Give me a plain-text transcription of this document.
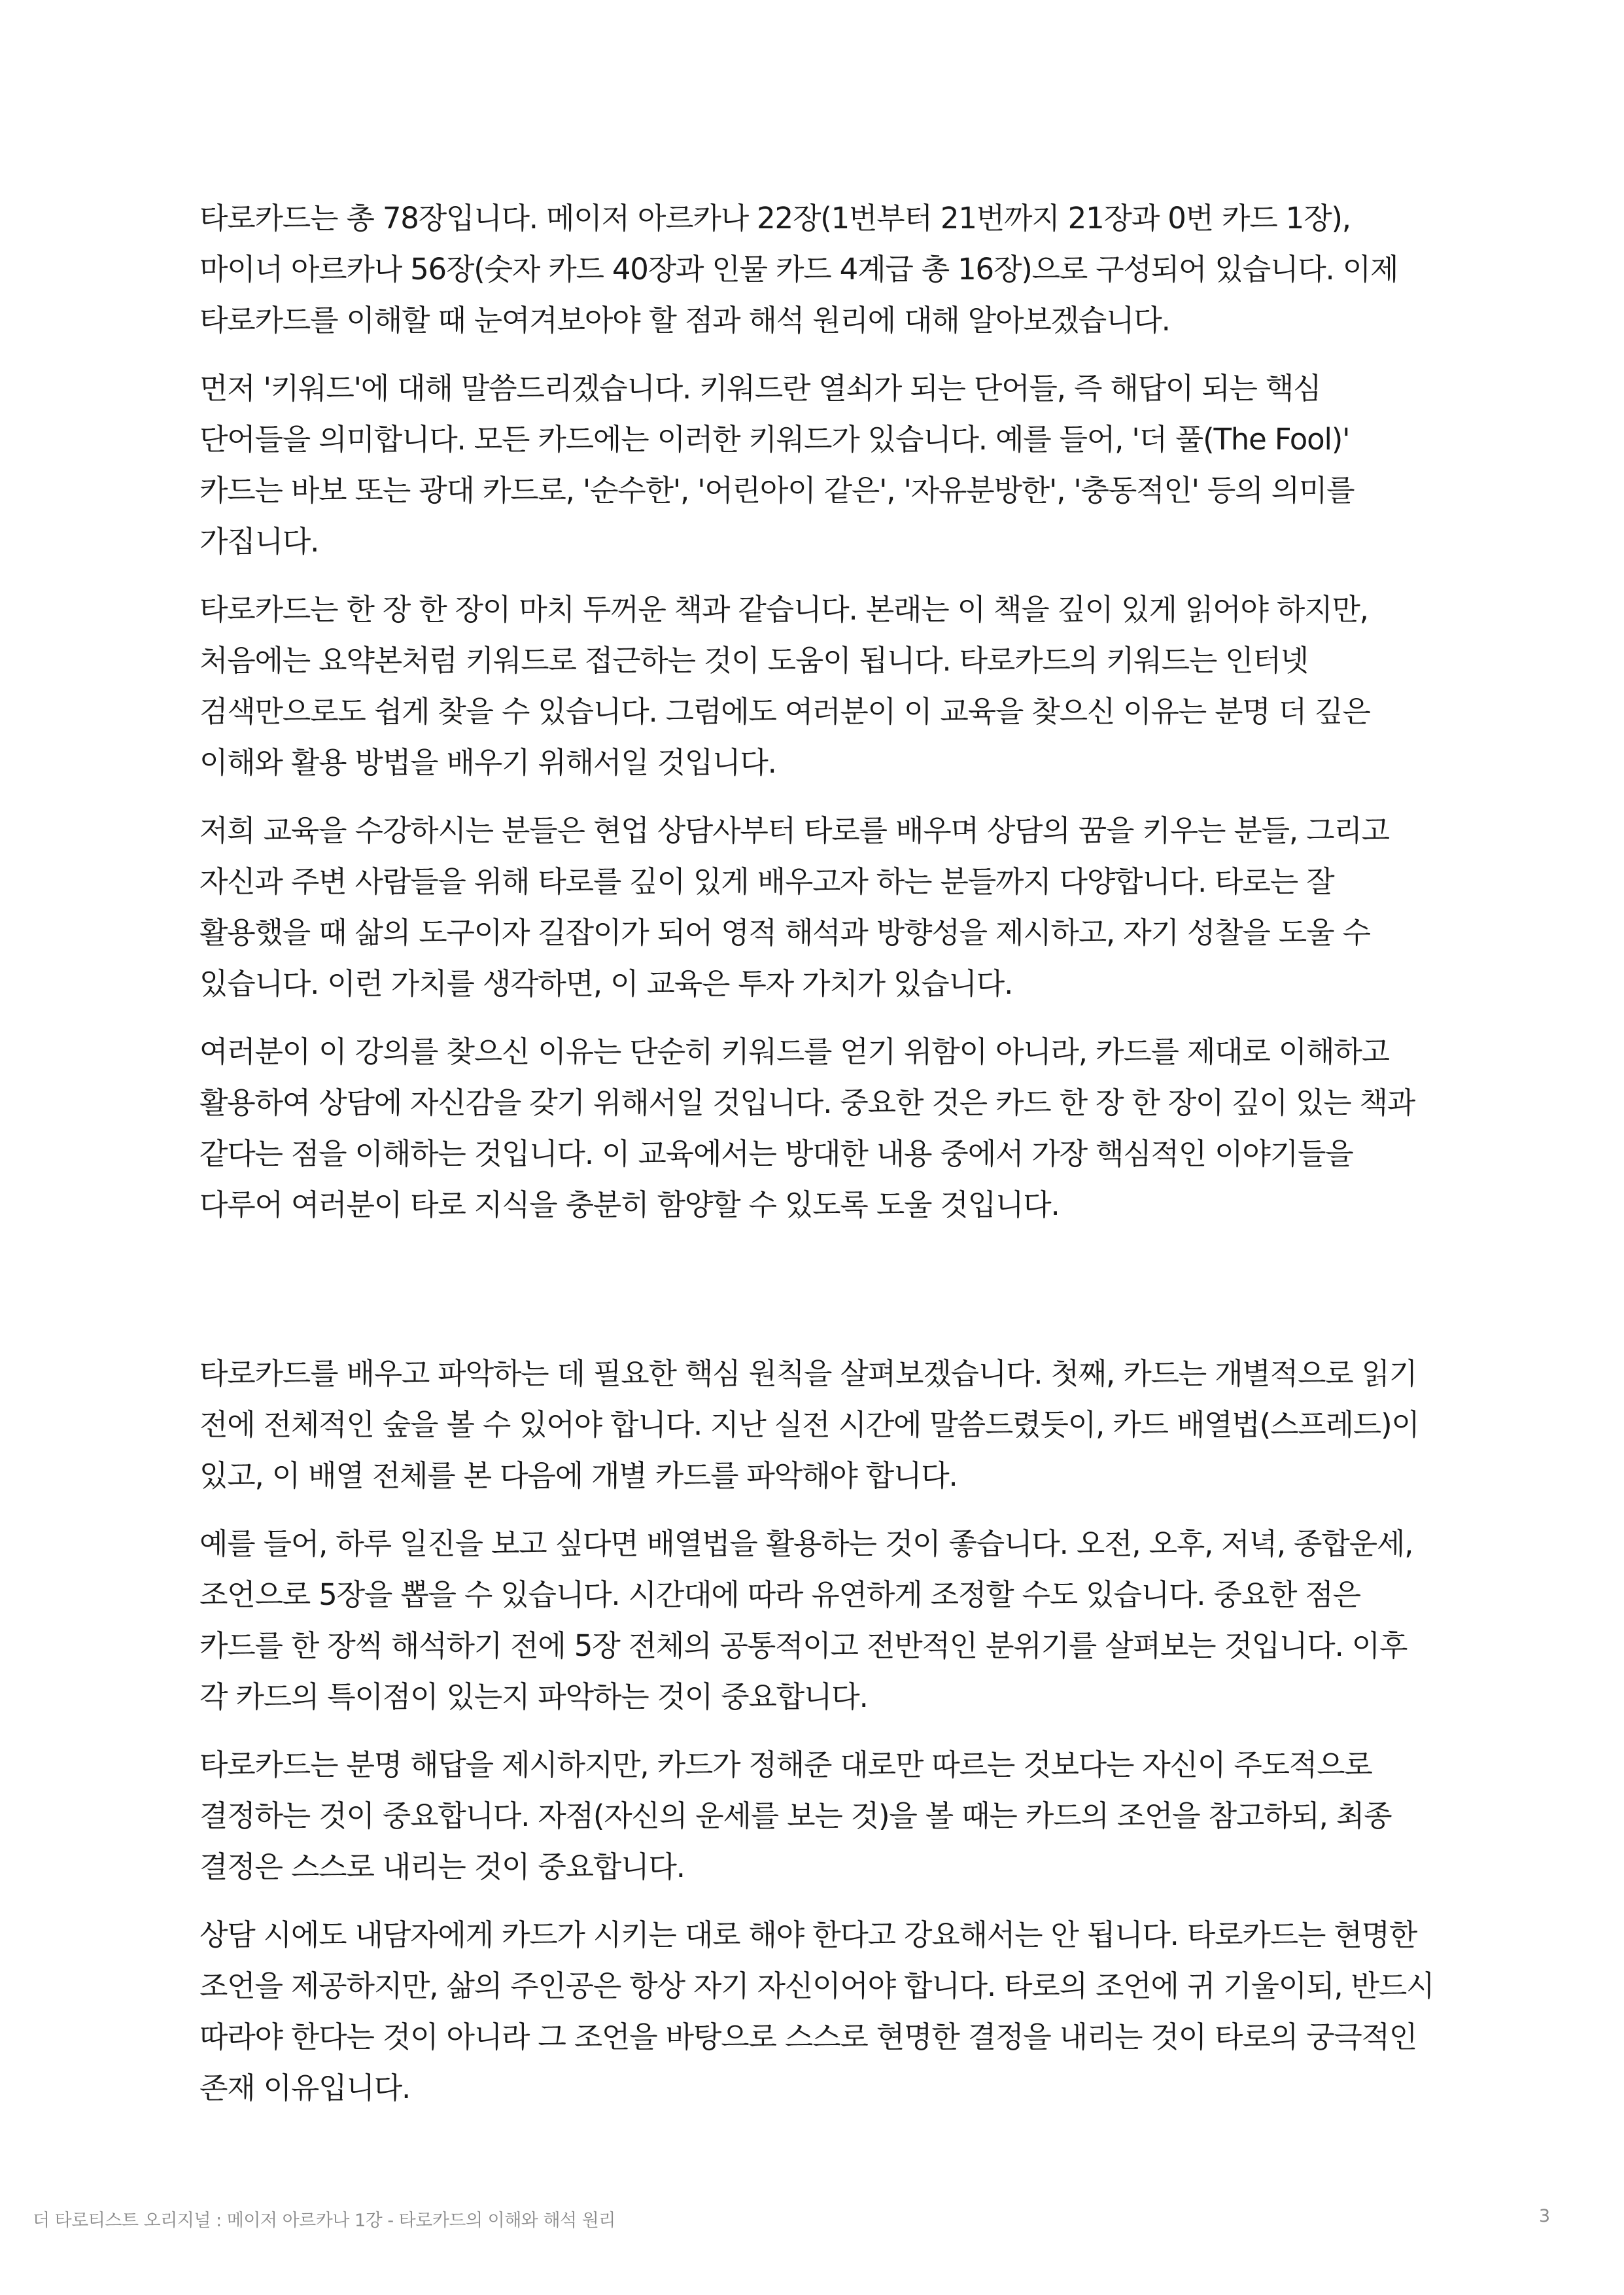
타로카드는 총 78장입니다. 메이저 아르카나 22장(1번부터 21번까지 21장과 0번 카드 1장), 마이너 아르카나 56장(숫자 카드 40장과 인물 카드 4계급 총 16장)으로 구성되어 있습니다. 이제 타로카드를 이해할 때 눈여겨보아야 할 점과 해석 원리에 대해 알아보겠습니다.

먼저 '키워드'에 대해 말씀드리겠습니다. 키워드란 열쇠가 되는 단어들, 즉 해답이 되는 핵심 단어들을 의미합니다. 모든 카드에는 이러한 키워드가 있습니다. 예를 들어, '더 풀(The Fool)' 카드는 바보 또는 광대 카드로, '순수한', '어린아이 같은', '자유분방한', '충동적인' 등의 의미를 가집니다.

타로카드는 한 장 한 장이 마치 두꺼운 책과 같습니다. 본래는 이 책을 깊이 있게 읽어야 하지만, 처음에는 요약본처럼 키워드로 접근하는 것이 도움이 됩니다. 타로카드의 키워드는 인터넷 검색만으로도 쉽게 찾을 수 있습니다. 그럼에도 여러분이 이 교육을 찾으신 이유는 분명 더 깊은 이해와 활용 방법을 배우기 위해서일 것입니다.

저희 교육을 수강하시는 분들은 현업 상담사부터 타로를 배우며 상담의 꿈을 키우는 분들, 그리고 자신과 주변 사람들을 위해 타로를 깊이 있게 배우고자 하는 분들까지 다양합니다. 타로는 잘 활용했을 때 삶의 도구이자 길잡이가 되어 영적 해석과 방향성을 제시하고, 자기 성찰을 도울 수 있습니다. 이런 가치를 생각하면, 이 교육은 투자 가치가 있습니다.

여러분이 이 강의를 찾으신 이유는 단순히 키워드를 얻기 위함이 아니라, 카드를 제대로 이해하고 활용하여 상담에 자신감을 갖기 위해서일 것입니다. 중요한 것은 카드 한 장 한 장이 깊이 있는 책과 같다는 점을 이해하는 것입니다. 이 교육에서는 방대한 내용 중에서 가장 핵심적인 이야기들을 다루어 여러분이 타로 지식을 충분히 함양할 수 있도록 도울 것입니다.

타로카드를 배우고 파악하는 데 필요한 핵심 원칙을 살펴보겠습니다. 첫째, 카드는 개별적으로 읽기 전에 전체적인 숲을 볼 수 있어야 합니다. 지난 실전 시간에 말씀드렸듯이, 카드 배열법(스프레드)이 있고, 이 배열 전체를 본 다음에 개별 카드를 파악해야 합니다.

예를 들어, 하루 일진을 보고 싶다면 배열법을 활용하는 것이 좋습니다. 오전, 오후, 저녁, 종합운세, 조언으로 5장을 뽑을 수 있습니다. 시간대에 따라 유연하게 조정할 수도 있습니다. 중요한 점은 카드를 한 장씩 해석하기 전에 5장 전체의 공통적이고 전반적인 분위기를 살펴보는 것입니다. 이후 각 카드의 특이점이 있는지 파악하는 것이 중요합니다.

타로카드는 분명 해답을 제시하지만, 카드가 정해준 대로만 따르는 것보다는 자신이 주도적으로 결정하는 것이 중요합니다. 자점(자신의 운세를 보는 것)을 볼 때는 카드의 조언을 참고하되, 최종 결정은 스스로 내리는 것이 중요합니다.

상담 시에도 내담자에게 카드가 시키는 대로 해야 한다고 강요해서는 안 됩니다. 타로카드는 현명한 조언을 제공하지만, 삶의 주인공은 항상 자기 자신이어야 합니다. 타로의 조언에 귀 기울이되, 반드시 따라야 한다는 것이 아니라 그 조언을 바탕으로 스스로 현명한 결정을 내리는 것이 타로의 궁극적인 존재 이유입니다.

더 타로티스트 오리지널 : 메이저 아르카나 1강 - 타로카드의 이해와 해석 원리	3
